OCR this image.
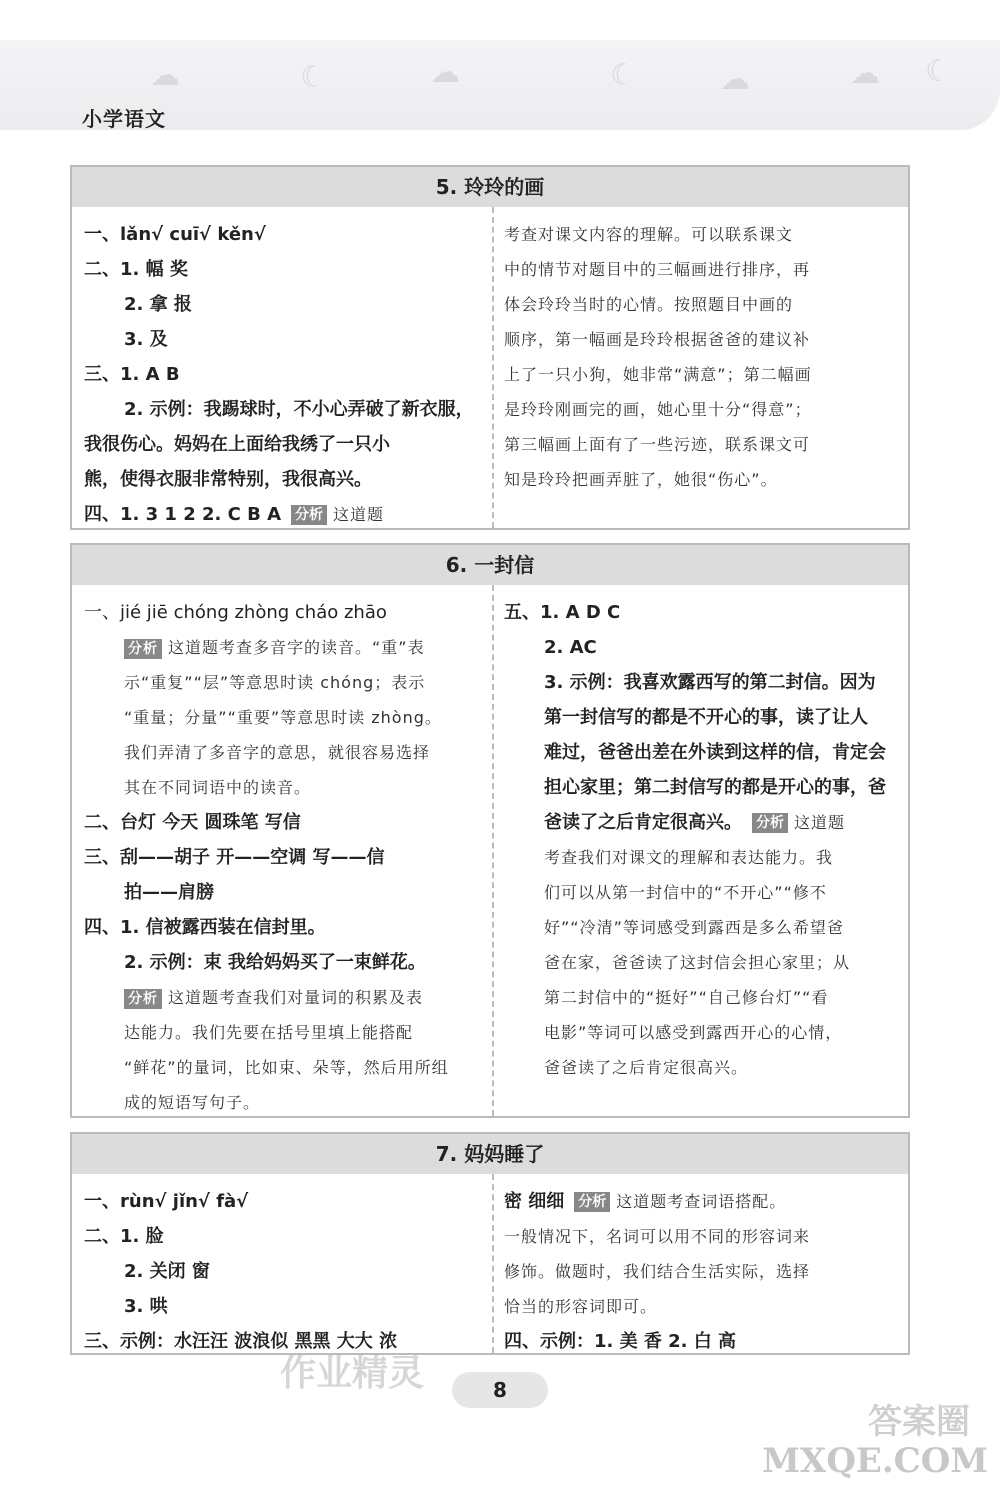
☁	☾	☁	☾	☁	☁ ☾
小学语文
5. 玲玲的画
一、lǎn√ cuī√ kěn√
二、1. 幅 奖
2. 拿 报
3. 及
三、1. A B
2. 示例：我踢球时，不小心弄破了新衣服，
我很伤心。妈妈在上面给我绣了一只小
熊，使得衣服非常特别，我很高兴。
四、1. 3 1 2 2. C B A 分析 这道题
考查对课文内容的理解。可以联系课文
中的情节对题目中的三幅画进行排序，再
体会玲玲当时的心情。按照题目中画的
顺序，第一幅画是玲玲根据爸爸的建议补
上了一只小狗，她非常“满意”；第二幅画
是玲玲刚画完的画，她心里十分“得意”；
第三幅画上面有了一些污迹，联系课文可
知是玲玲把画弄脏了，她很“伤心”。
6. 一封信
一、jié jiē chóng zhòng cháo zhāo
分析 这道题考查多音字的读音。“重”表
示“重复”“层”等意思时读 chóng；表示
“重量；分量”“重要”等意思时读 zhòng。
我们弄清了多音字的意思，就很容易选择
其在不同词语中的读音。
二、台灯 今天 圆珠笔 写信
三、刮——胡子 开——空调 写——信
拍——肩膀
四、1. 信被露西装在信封里。
2. 示例：束 我给妈妈买了一束鲜花。
分析 这道题考查我们对量词的积累及表
达能力。我们先要在括号里填上能搭配
“鲜花”的量词，比如束、朵等，然后用所组
成的短语写句子。
五、1. A D C
2. AC
3. 示例：我喜欢露西写的第二封信。因为
第一封信写的都是不开心的事，读了让人
难过，爸爸出差在外读到这样的信，肯定会
担心家里；第二封信写的都是开心的事，爸
爸读了之后肯定很高兴。 分析 这道题
考查我们对课文的理解和表达能力。我
们可以从第一封信中的“不开心”“修不
好”“冷清”等词感受到露西是多么希望爸
爸在家，爸爸读了这封信会担心家里；从
第二封信中的“挺好”“自己修台灯”“看
电影”等词可以感受到露西开心的心情，
爸爸读了之后肯定很高兴。
7. 妈妈睡了
一、rùn√ jǐn√ fà√
二、1. 脸
2. 关闭 窗
3. 哄
三、示例：水汪汪 波浪似 黑黑 大大 浓
密 细细 分析 这道题考查词语搭配。
一般情况下，名词可以用不同的形容词来
修饰。做题时，我们结合生活实际，选择
恰当的形容词即可。
四、示例：1. 美 香 2. 白 高
作业精灵	8
答案圈
MXQE.COM
